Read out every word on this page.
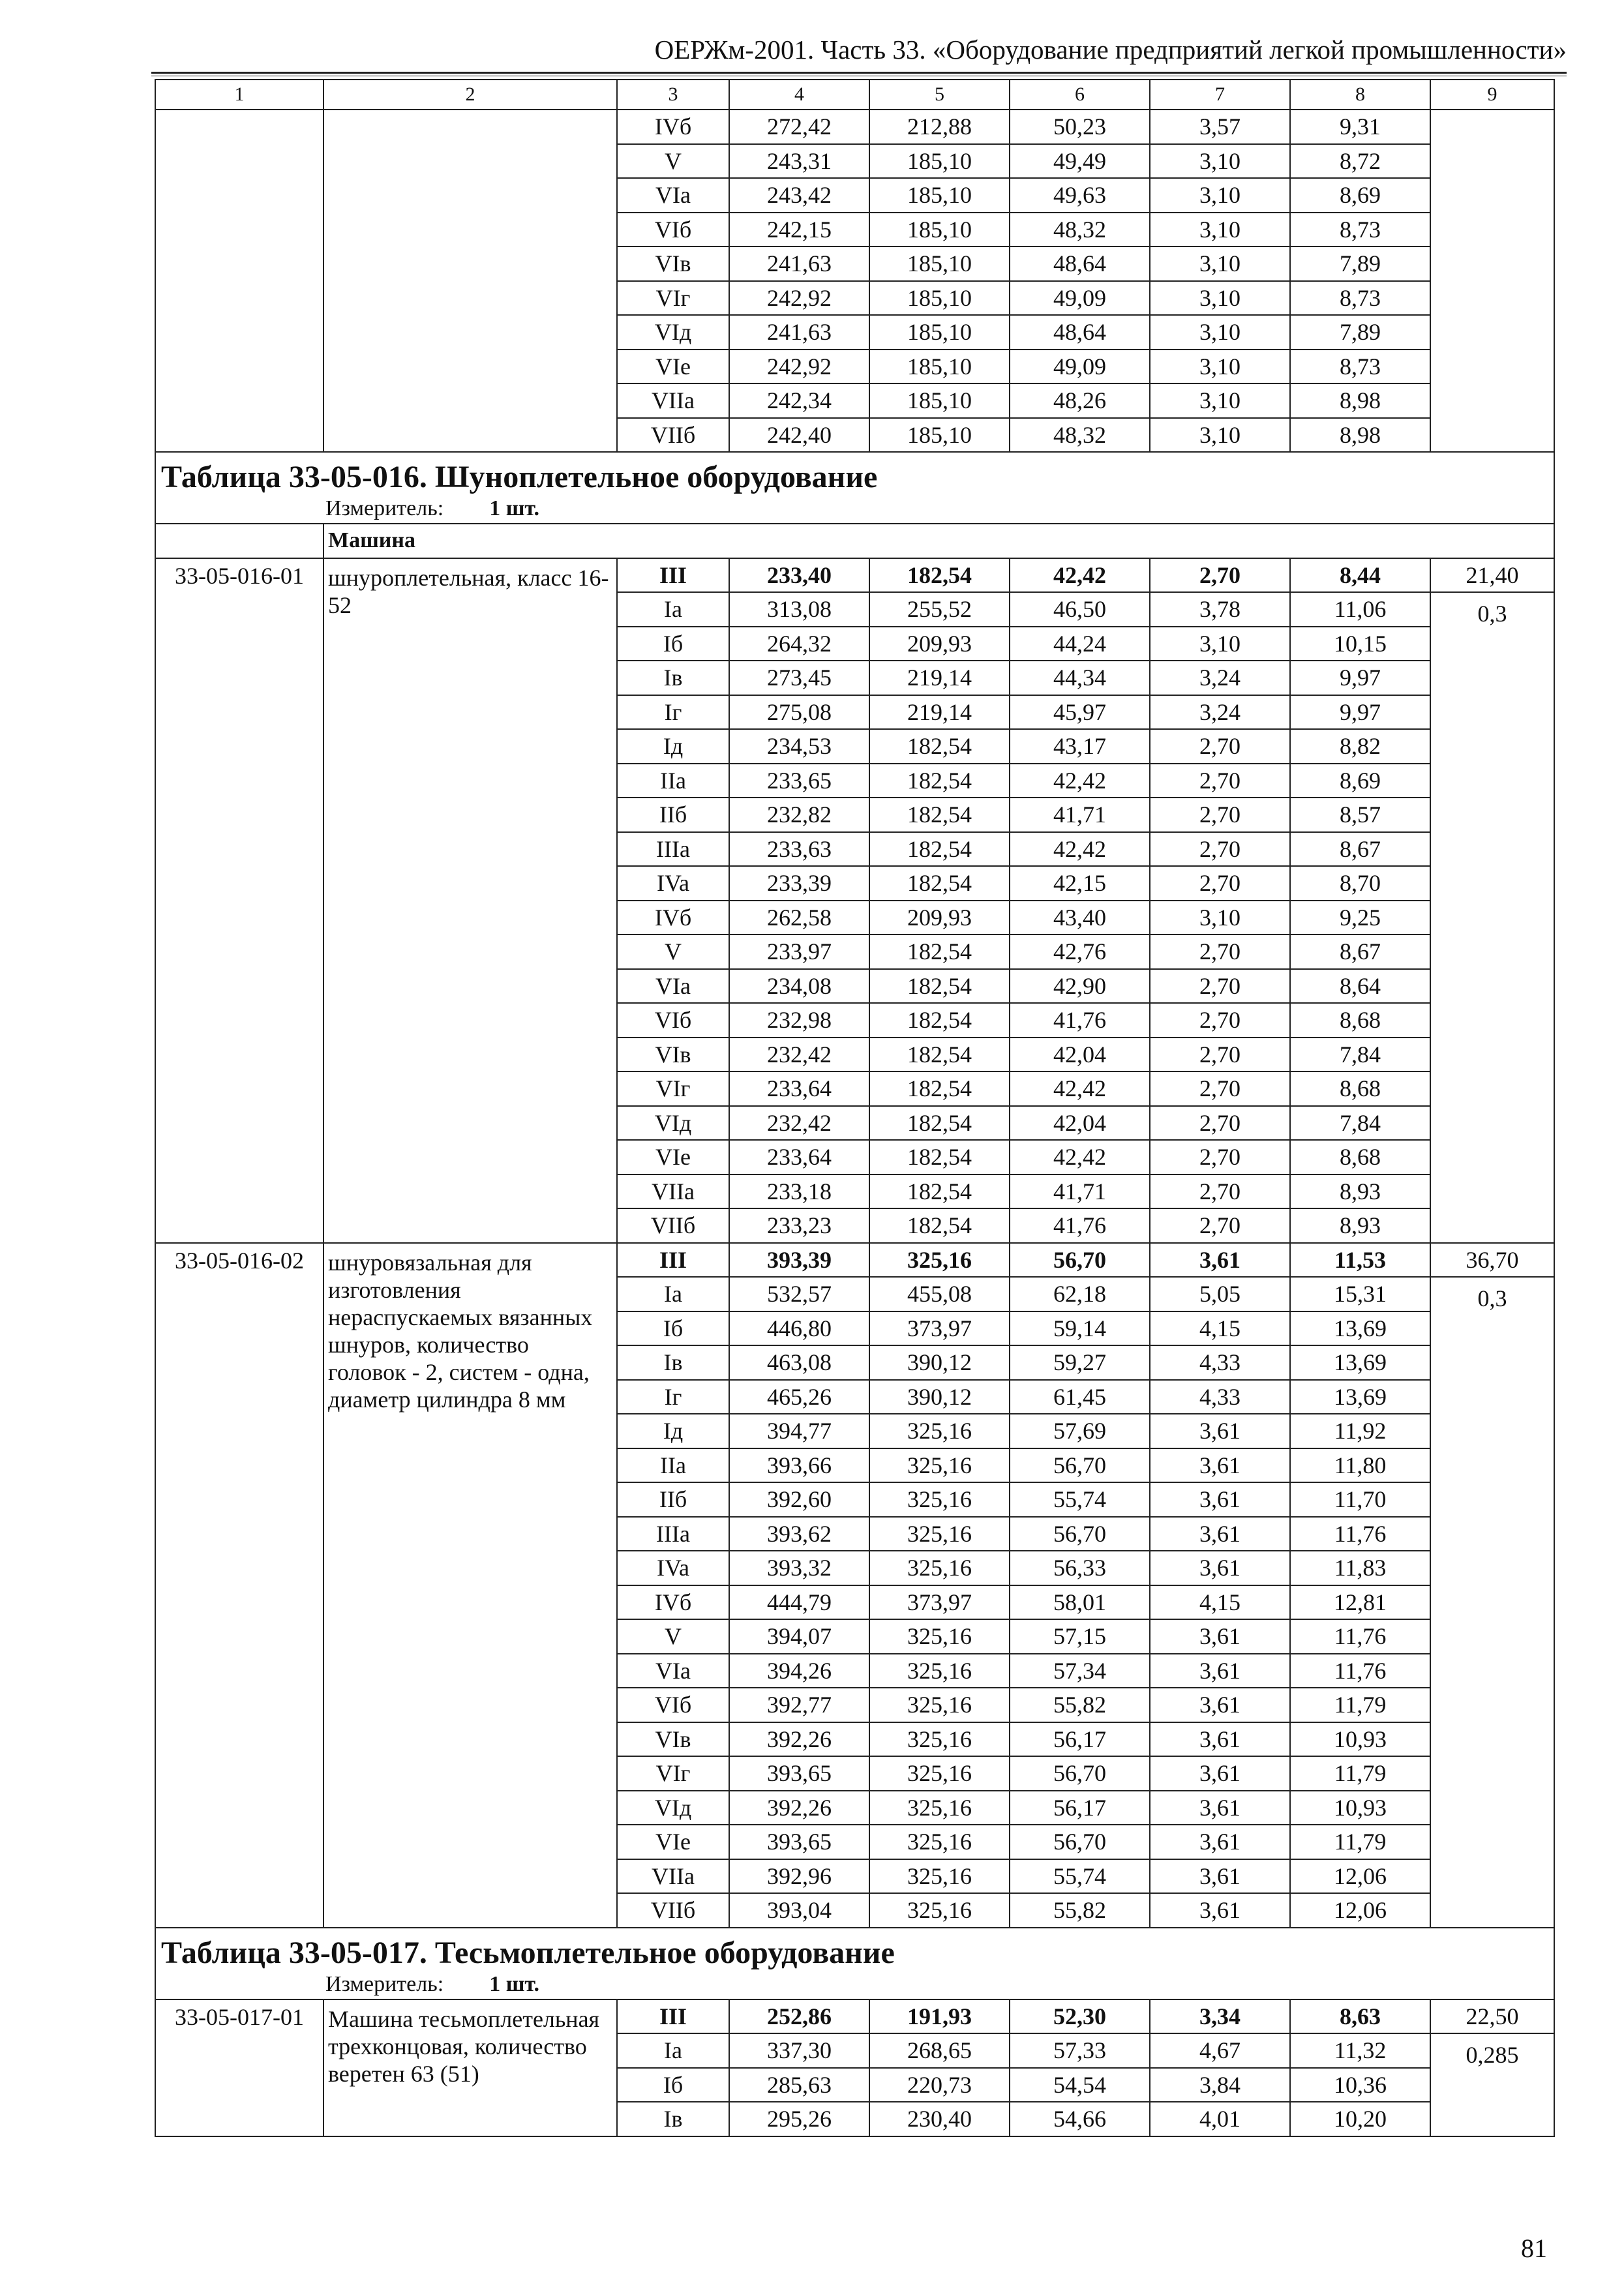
ОЕРЖм-2001. Часть 33. «Оборудование предприятий легкой промышленности»
1	2	3	4	5	6	7	8	9
		IVб	272,42	212,88	50,23	3,57	9,31	
		V	243,31	185,10	49,49	3,10	8,72	
		VIa	243,42	185,10	49,63	3,10	8,69	
		VIб	242,15	185,10	48,32	3,10	8,73	
		VIв	241,63	185,10	48,64	3,10	7,89	
		VIг	242,92	185,10	49,09	3,10	8,73	
		VIд	241,63	185,10	48,64	3,10	7,89	
		VIe	242,92	185,10	49,09	3,10	8,73	
		VIIa	242,34	185,10	48,26	3,10	8,98	
		VIIб	242,40	185,10	48,32	3,10	8,98	
Таблица 33-05-016. Шуноплетельное оборудование								
Измеритель: 1 шт.								
	Машина							
33-05-016-01	шнуроплетельная, класс 16-52	III	233,40	182,54	42,42	2,70	8,44	21,40
		Ia	313,08	255,52	46,50	3,78	11,06	0,3
		Iб	264,32	209,93	44,24	3,10	10,15	
		Iв	273,45	219,14	44,34	3,24	9,97	
		Iг	275,08	219,14	45,97	3,24	9,97	
		Iд	234,53	182,54	43,17	2,70	8,82	
		IIa	233,65	182,54	42,42	2,70	8,69	
		IIб	232,82	182,54	41,71	2,70	8,57	
		IIIa	233,63	182,54	42,42	2,70	8,67	
		IVa	233,39	182,54	42,15	2,70	8,70	
		IVб	262,58	209,93	43,40	3,10	9,25	
		V	233,97	182,54	42,76	2,70	8,67	
		VIa	234,08	182,54	42,90	2,70	8,64	
		VIб	232,98	182,54	41,76	2,70	8,68	
		VIв	232,42	182,54	42,04	2,70	7,84	
		VIг	233,64	182,54	42,42	2,70	8,68	
		VIд	232,42	182,54	42,04	2,70	7,84	
		VIe	233,64	182,54	42,42	2,70	8,68	
		VIIa	233,18	182,54	41,71	2,70	8,93	
		VIIб	233,23	182,54	41,76	2,70	8,93	
33-05-016-02	шнуровязальная для изготовления нераспускаемых вязанных шнуров, количество головок - 2, систем - одна, диаметр цилиндра 8 мм	III	393,39	325,16	56,70	3,61	11,53	36,70
		Ia	532,57	455,08	62,18	5,05	15,31	0,3
		Iб	446,80	373,97	59,14	4,15	13,69	
		Iв	463,08	390,12	59,27	4,33	13,69	
		Iг	465,26	390,12	61,45	4,33	13,69	
		Iд	394,77	325,16	57,69	3,61	11,92	
		IIa	393,66	325,16	56,70	3,61	11,80	
		IIб	392,60	325,16	55,74	3,61	11,70	
		IIIa	393,62	325,16	56,70	3,61	11,76	
		IVa	393,32	325,16	56,33	3,61	11,83	
		IVб	444,79	373,97	58,01	4,15	12,81	
		V	394,07	325,16	57,15	3,61	11,76	
		VIa	394,26	325,16	57,34	3,61	11,76	
		VIб	392,77	325,16	55,82	3,61	11,79	
		VIв	392,26	325,16	56,17	3,61	10,93	
		VIг	393,65	325,16	56,70	3,61	11,79	
		VIд	392,26	325,16	56,17	3,61	10,93	
		VIe	393,65	325,16	56,70	3,61	11,79	
		VIIa	392,96	325,16	55,74	3,61	12,06	
		VIIб	393,04	325,16	55,82	3,61	12,06	
Таблица 33-05-017. Тесьмоплетельное оборудование								
Измеритель: 1 шт.								
33-05-017-01	Машина тесьмоплетельная трехконцовая, количество веретен 63 (51)	III	252,86	191,93	52,30	3,34	8,63	22,50
		Ia	337,30	268,65	57,33	4,67	11,32	0,285
		Iб	285,63	220,73	54,54	3,84	10,36	
		Iв	295,26	230,40	54,66	4,01	10,20	
81
